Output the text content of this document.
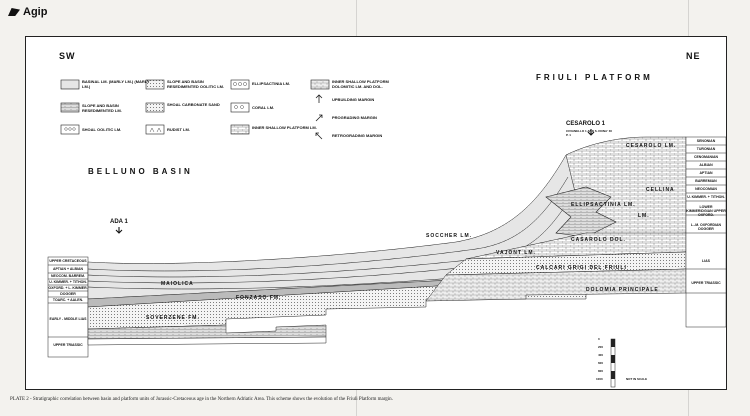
Agip
SW	NE
BELLUNO BASIN
FRIULI PLATFORM
BASINAL LM. (MARLY LM.) (MARLY LM.)
SLOPE AND BASIN RESEDIMENTED OOLITIC LM.
ELLIPSACTINIA LM.	INNER SHALLOW PLATFORM DOLOMITIC LM. AND DOL.
SLOPE AND BASIN RESEDIMENTED LM.
SHOAL CARBONATE SAND
CORAL LM.
UPBUILDING MARGIN
SHOAL OOLITIC LM.	RUDIST LM.	INNER SHALLOW PLATFORM LM.
PROGRADING MARGIN
RETROGRADING MARGIN
ADA 1
CESAROLO 1
CIVIANELLO 1 AND S. DONA' DI P. 1
UPPER CRETACEOUS
APTIAN + ALBIAN
NEOCOM. BARREM.
U. KIMMER. + TITHON.
OXFORD. + L. KIMMER.
DOGGER
TOARC. + AALEN.
EARLY - MIDDLE LIAS
UPPER TRIASSIC
SENONIAN
TURONIAN
CENOMANIAN
ALBIAN
APTIAN
BARREMIAN
NEOCOMIAN
U. KIMMER. + TITHON.
LOWER KIMMERIDGIAN UPPER OXFORD.
L.-M. OXFORDIAN DOGGER
LIAS
UPPER TRIASSIC
SOCCHER LM.
MAIOLICA
VAJONT LM.
SOVERZENE FM.
FONZASO FM.
CALCARI GRIGI DEL FRIULI
DOLOMIA PRINCIPALE
CELLINA
ELLIPSACTINIA LM.
CASAROLO DOL.
CESAROLO LM.
LM.
0
200
400
600
800
1000	NOT IN SCALE
PLATE 2 - Stratigraphic correlation between basin and platform units of Jurassic-Cretaceous age in the Northern Adriatic Area. This scheme shows the evolution of the Friuli Platform margin.
